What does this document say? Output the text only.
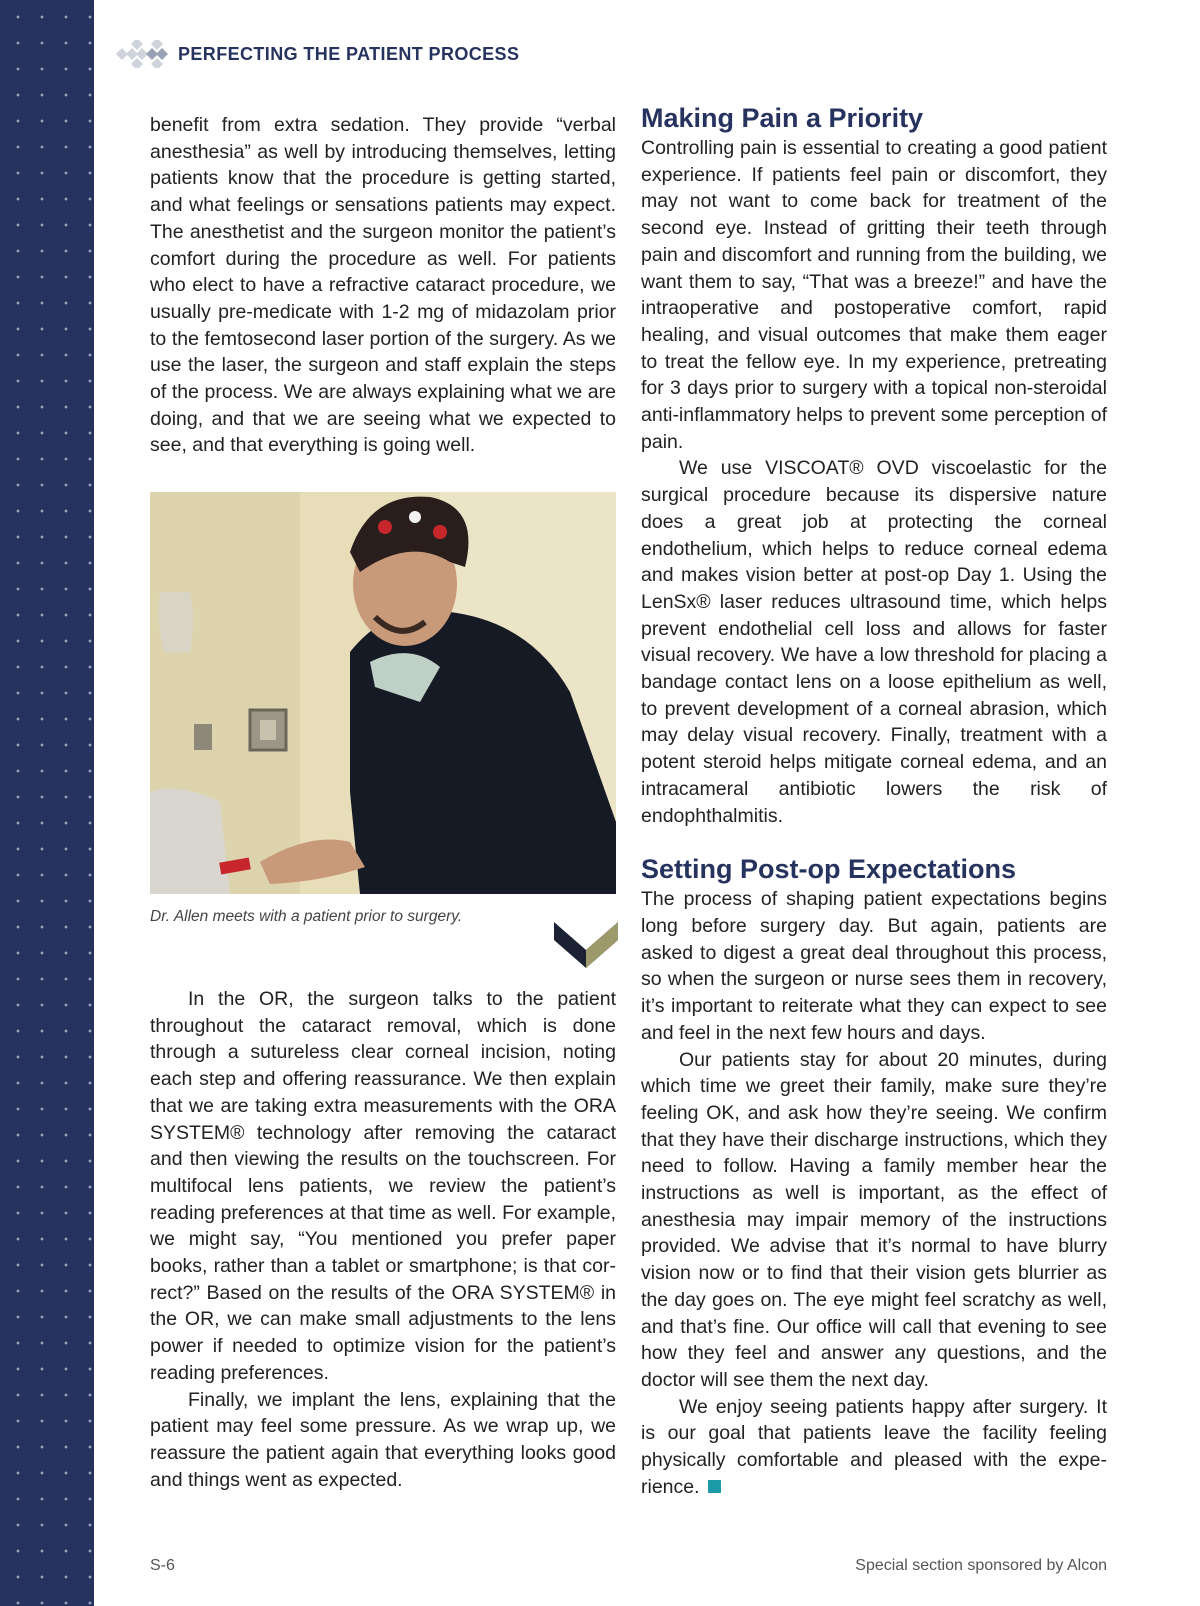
PERFECTING THE PATIENT PROCESS

benefit from extra sedation. They provide “verbal anesthesia” as well by introducing themselves, letting patients know that the procedure is getting started, and what feelings or sensations patients may expect. The anesthetist and the surgeon monitor the patient’s comfort during the procedure as well. For patients who elect to have a refractive cataract procedure, we usually pre-medicate with 1-2 mg of midazolam prior to the femtosecond laser portion of the surgery. As we use the laser, the surgeon and staff explain the steps of the process. We are always explaining what we are doing, and that we are seeing what we expected to see, and that everything is going well.

Dr. Allen meets with a patient prior to surgery.

In the OR, the surgeon talks to the patient throughout the cataract removal, which is done through a sutureless clear corneal incision, noting each step and offering reassurance. We then explain that we are taking extra measurements with the ORA SYSTEM® technology after removing the cataract and then viewing the results on the touchscreen. For multifocal lens patients, we review the patient’s reading preferences at that time as well. For example, we might say, “You mentioned you prefer paper books, rather than a tablet or smartphone; is that correct?” Based on the results of the ORA SYSTEM® in the OR, we can make small adjustments to the lens power if needed to optimize vision for the patient’s reading preferences.

Finally, we implant the lens, explaining that the patient may feel some pressure. As we wrap up, we reassure the patient again that everything looks good and things went as expected.

Making Pain a Priority

Controlling pain is essential to creating a good patient experience. If patients feel pain or discomfort, they may not want to come back for treatment of the second eye. Instead of gritting their teeth through pain and discomfort and running from the building, we want them to say, “That was a breeze!” and have the intraoperative and postoperative comfort, rapid healing, and visual outcomes that make them eager to treat the fellow eye. In my experience, pretreating for 3 days prior to surgery with a topical non-steroidal anti-inflammatory helps to prevent some perception of pain.

We use VISCOAT® OVD viscoelastic for the surgical procedure because its dispersive nature does a great job at protecting the corneal endothelium, which helps to reduce corneal edema and makes vision better at post-op Day 1. Using the LenSx® laser reduces ultrasound time, which helps prevent endothelial cell loss and allows for faster visual recovery. We have a low threshold for placing a bandage contact lens on a loose epithelium as well, to prevent development of a corneal abrasion, which may delay visual recovery. Finally, treatment with a potent steroid helps mitigate corneal edema, and an intracameral antibiotic lowers the risk of endophthalmitis.

Setting Post-op Expectations

The process of shaping patient expectations begins long before surgery day. But again, patients are asked to digest a great deal throughout this process, so when the surgeon or nurse sees them in recovery, it’s important to reiterate what they can expect to see and feel in the next few hours and days.

Our patients stay for about 20 minutes, during which time we greet their family, make sure they’re feeling OK, and ask how they’re seeing. We confirm that they have their discharge instructions, which they need to follow. Having a family member hear the instructions as well is important, as the effect of anesthesia may impair memory of the instructions provided. We advise that it’s normal to have blurry vision now or to find that their vision gets blurrier as the day goes on. The eye might feel scratchy as well, and that’s fine. Our office will call that evening to see how they feel and answer any questions, and the doctor will see them the next day.

We enjoy seeing patients happy after surgery. It is our goal that patients leave the facility feeling physically comfortable and pleased with the experience.

S-6	Special section sponsored by Alcon
